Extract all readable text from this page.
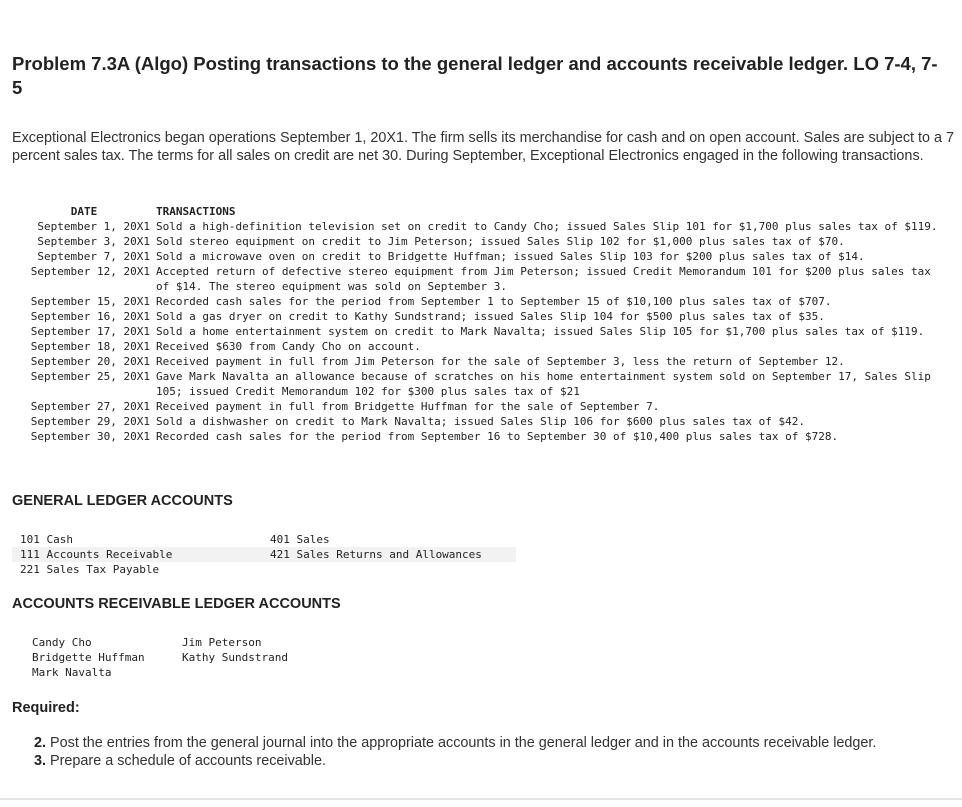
Problem 7.3A (Algo) Posting transactions to the general ledger and accounts receivable ledger. LO 7-4, 7-5

Exceptional Electronics began operations September 1, 20X1. The firm sells its merchandise for cash and on open account. Sales are subject to a 7 percent sales tax. The terms for all sales on credit are net 30. During September, Exceptional Electronics engaged in the following transactions.

DATE	TRANSACTIONS
September 1, 20X1	Sold a high-definition television set on credit to Candy Cho; issued Sales Slip 101 for $1,700 plus sales tax of $119.
September 3, 20X1	Sold stereo equipment on credit to Jim Peterson; issued Sales Slip 102 for $1,000 plus sales tax of $70.
September 7, 20X1	Sold a microwave oven on credit to Bridgette Huffman; issued Sales Slip 103 for $200 plus sales tax of $14.
September 12, 20X1	Accepted return of defective stereo equipment from Jim Peterson; issued Credit Memorandum 101 for $200 plus sales tax of $14. The stereo equipment was sold on September 3.
September 15, 20X1	Recorded cash sales for the period from September 1 to September 15 of $10,100 plus sales tax of $707.
September 16, 20X1	Sold a gas dryer on credit to Kathy Sundstrand; issued Sales Slip 104 for $500 plus sales tax of $35.
September 17, 20X1	Sold a home entertainment system on credit to Mark Navalta; issued Sales Slip 105 for $1,700 plus sales tax of $119.
September 18, 20X1	Received $630 from Candy Cho on account.
September 20, 20X1	Received payment in full from Jim Peterson for the sale of September 3, less the return of September 12.
September 25, 20X1	Gave Mark Navalta an allowance because of scratches on his home entertainment system sold on September 17, Sales Slip 105; issued Credit Memorandum 102 for $300 plus sales tax of $21
September 27, 20X1	Received payment in full from Bridgette Huffman for the sale of September 7.
September 29, 20X1	Sold a dishwasher on credit to Mark Navalta; issued Sales Slip 106 for $600 plus sales tax of $42.
September 30, 20X1	Recorded cash sales for the period from September 16 to September 30 of $10,400 plus sales tax of $728.
GENERAL LEDGER ACCOUNTS
101 Cash	401 Sales
111 Accounts Receivable	421 Sales Returns and Allowances
221 Sales Tax Payable	
ACCOUNTS RECEIVABLE LEDGER ACCOUNTS
Candy Cho	Jim Peterson
Bridgette Huffman	Kathy Sundstrand
Mark Navalta	
Required:
2. Post the entries from the general journal into the appropriate accounts in the general ledger and in the accounts receivable ledger.
3. Prepare a schedule of accounts receivable.
